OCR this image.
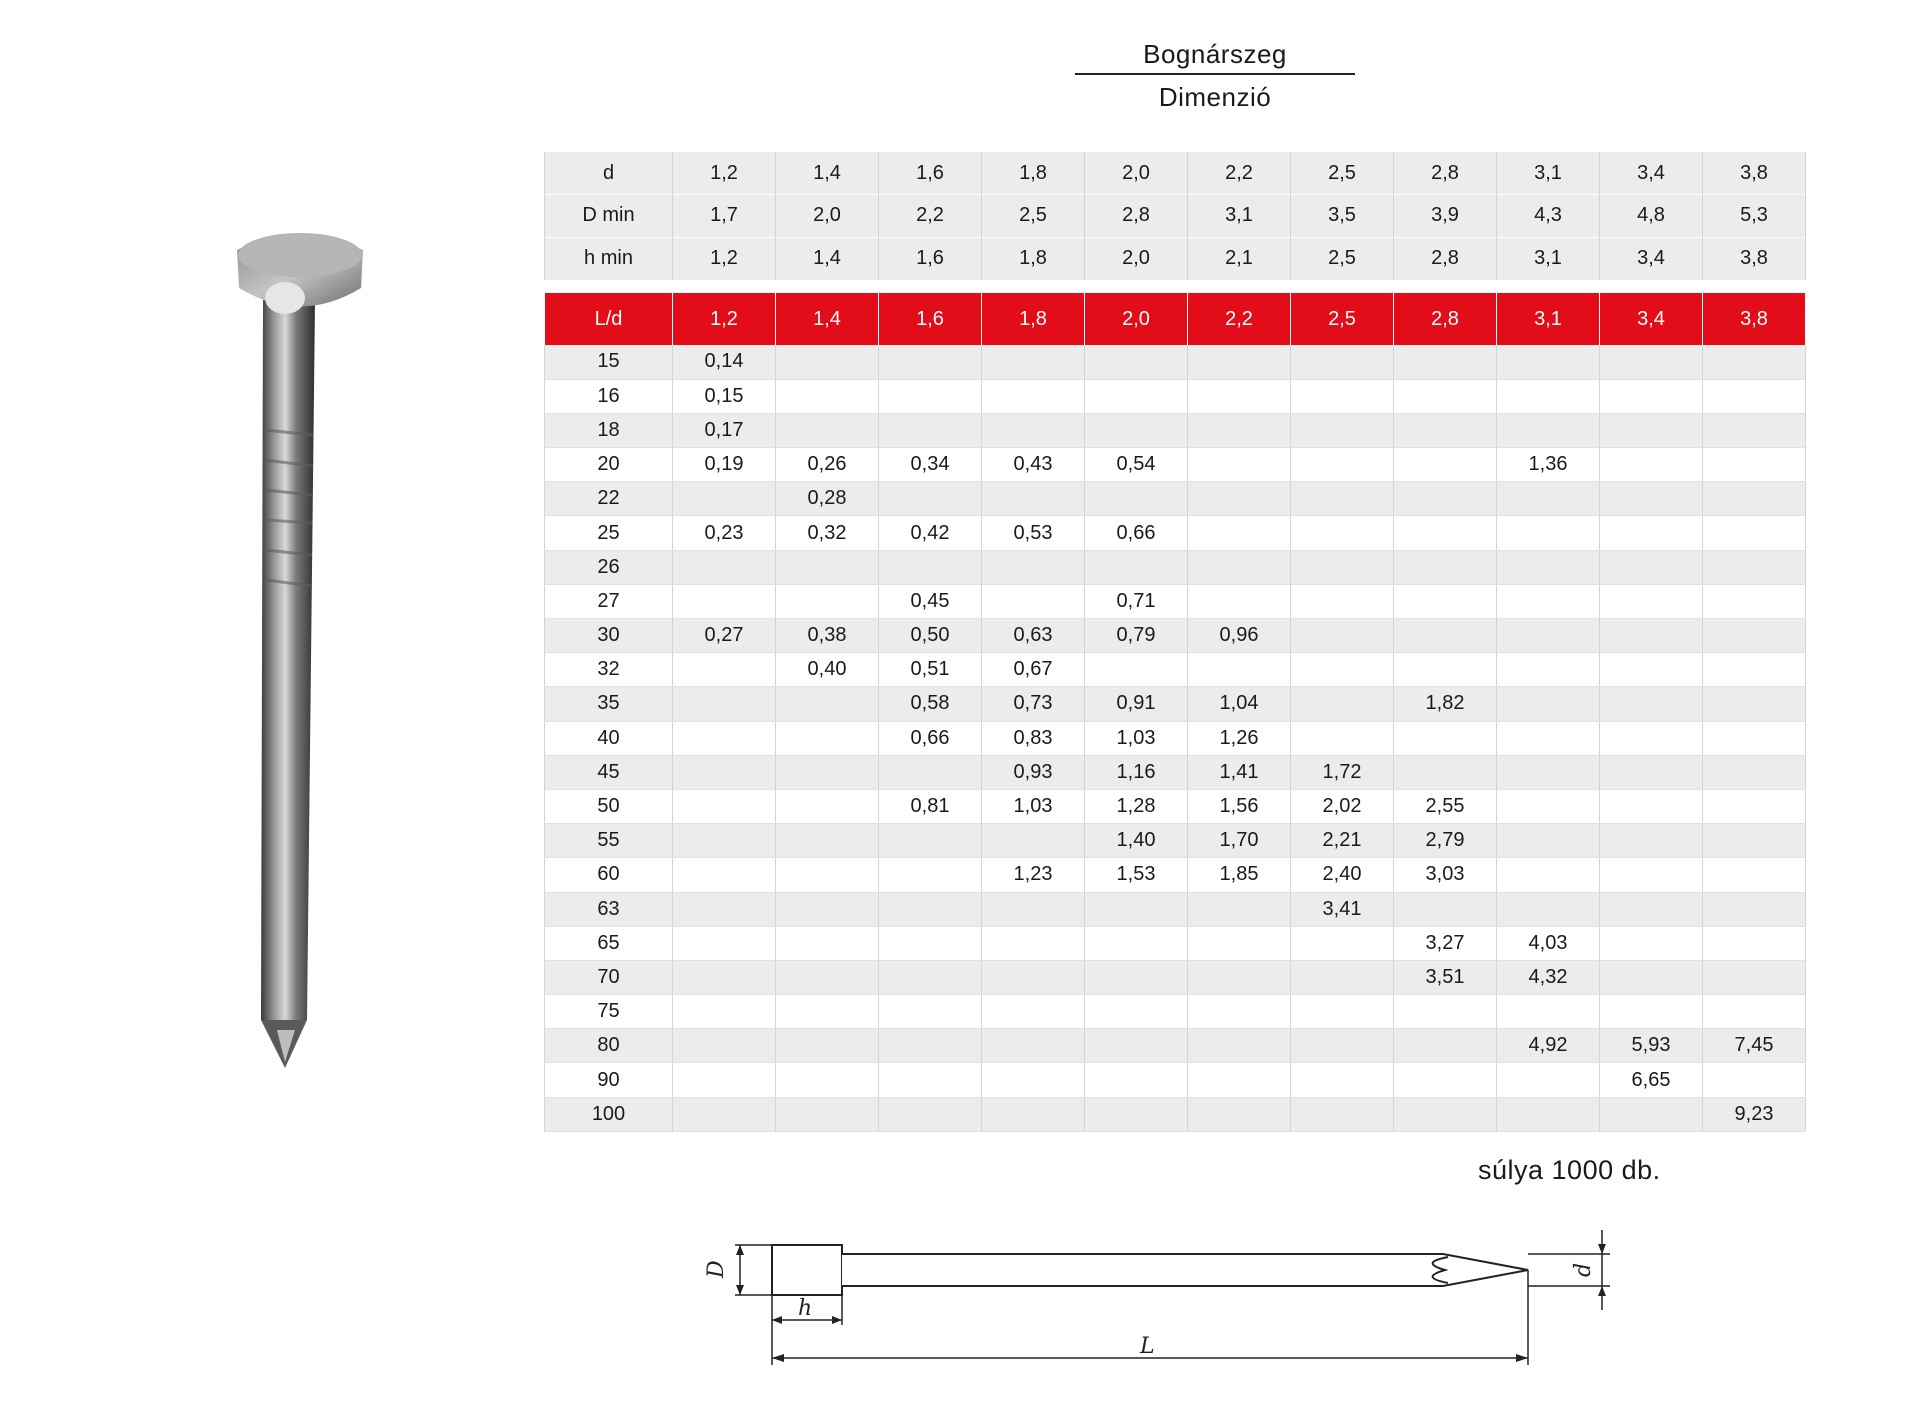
Bognárszeg
Dimenzió
d	1,2	1,4	1,6	1,8	2,0	2,2	2,5	2,8	3,1	3,4	3,8
D min	1,7	2,0	2,2	2,5	2,8	3,1	3,5	3,9	4,3	4,8	5,3
h min	1,2	1,4	1,6	1,8	2,0	2,1	2,5	2,8	3,1	3,4	3,8
L/d	1,2	1,4	1,6	1,8	2,0	2,2	2,5	2,8	3,1	3,4	3,8
15	0,14										
16	0,15										
18	0,17										
20	0,19	0,26	0,34	0,43	0,54				1,36		
22		0,28									
25	0,23	0,32	0,42	0,53	0,66						
26											
27			0,45		0,71						
30	0,27	0,38	0,50	0,63	0,79	0,96					
32		0,40	0,51	0,67							
35			0,58	0,73	0,91	1,04		1,82			
40			0,66	0,83	1,03	1,26					
45				0,93	1,16	1,41	1,72				
50			0,81	1,03	1,28	1,56	2,02	2,55			
55					1,40	1,70	2,21	2,79			
60				1,23	1,53	1,85	2,40	3,03			
63							3,41				
65								3,27	4,03		
70								3,51	4,32		
75											
80									4,92	5,93	7,45
90										6,65	
100											9,23
súlya 1000 db.
D
h
L
d
